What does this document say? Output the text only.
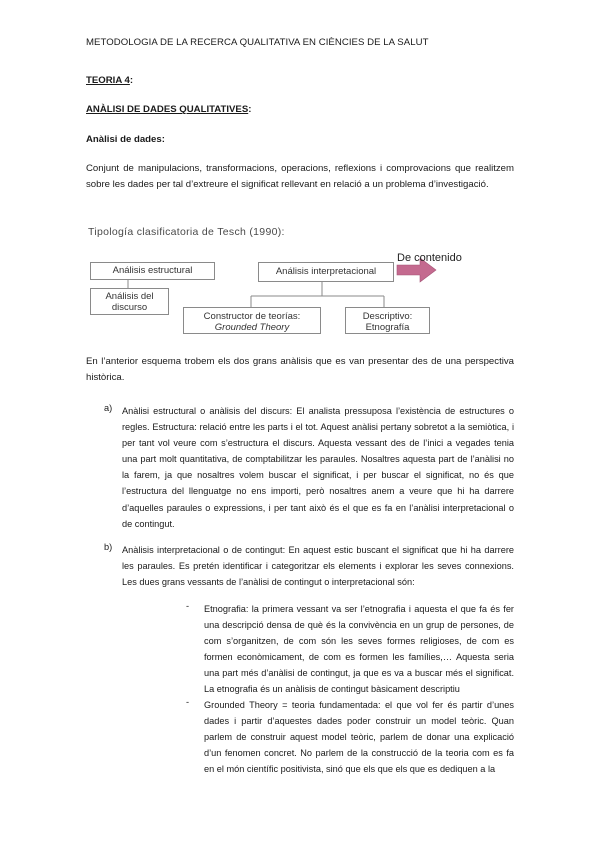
METODOLOGIA DE LA RECERCA QUALITATIVA EN CIÈNCIES DE LA SALUT
TEORIA 4:
ANÀLISI DE DADES QUALITATIVES:
Anàlisi de dades:
Conjunt de manipulacions, transformacions, operacions, reflexions i comprovacions que realitzem sobre les dades per tal d’extreure el significat rellevant en relació a un problema d’investigació.
Tipología clasificatoria de Tesch (1990):
Análisis estructural
Análisis del
discurso
Análisis interpretacional
Constructor de teorías:
Grounded Theory
Descriptivo:
Etnografía
De contenido
En l’anterior esquema trobem els dos grans anàlisis que es van presentar des de una perspectiva històrica.
a) Anàlisi estructural o anàlisis del discurs: El analista pressuposa l’existència de estructures o regles. Estructura: relació entre les parts i el tot. Aquest anàlisi pertany sobretot a la semiòtica, i per tant vol veure com s’estructura el discurs. Aquesta vessant des de l’inici a vegades tenia una part molt quantitativa, de comptabilitzar les paraules. Nosaltres aquesta part de l’anàlisi no la farem, ja que nosaltres volem buscar el significat, i per buscar el significat, no és que l’estructura del llenguatge no ens importi, però nosaltres anem a veure que hi ha darrere d’aquelles paraules o expressions, i per tant això és el que es fa en l’anàlisi interpretacional o de contingut.
b) Anàlisis interpretacional o de contingut: En aquest estic buscant el significat que hi ha darrere les paraules. Es pretén identificar i categoritzar els elements i explorar les seves connexions. Les dues grans vessants de l’anàlisi de contingut o interpretacional són:
- Etnografia: la primera vessant va ser l’etnografia i aquesta el que fa és fer una descripció densa de què és la convivència en un grup de persones, de com s’organitzen, de com són les seves formes religioses, de com es formen econòmicament, de com es formen les famílies,… Aquesta seria una part més d’anàlisi de contingut, ja que es va a buscar més el significat. La etnografia és un anàlisis de contingut bàsicament descriptiu
- Grounded Theory = teoria fundamentada: el que vol fer és partir d’unes dades i partir d’aquestes dades poder construir un model teòric. Quan parlem de construir aquest model teòric, parlem de donar una explicació d’un fenomen concret. No parlem de la construcció de la teoria com es fa en el món científic positivista, sinó que els que els que es dediquen a la
